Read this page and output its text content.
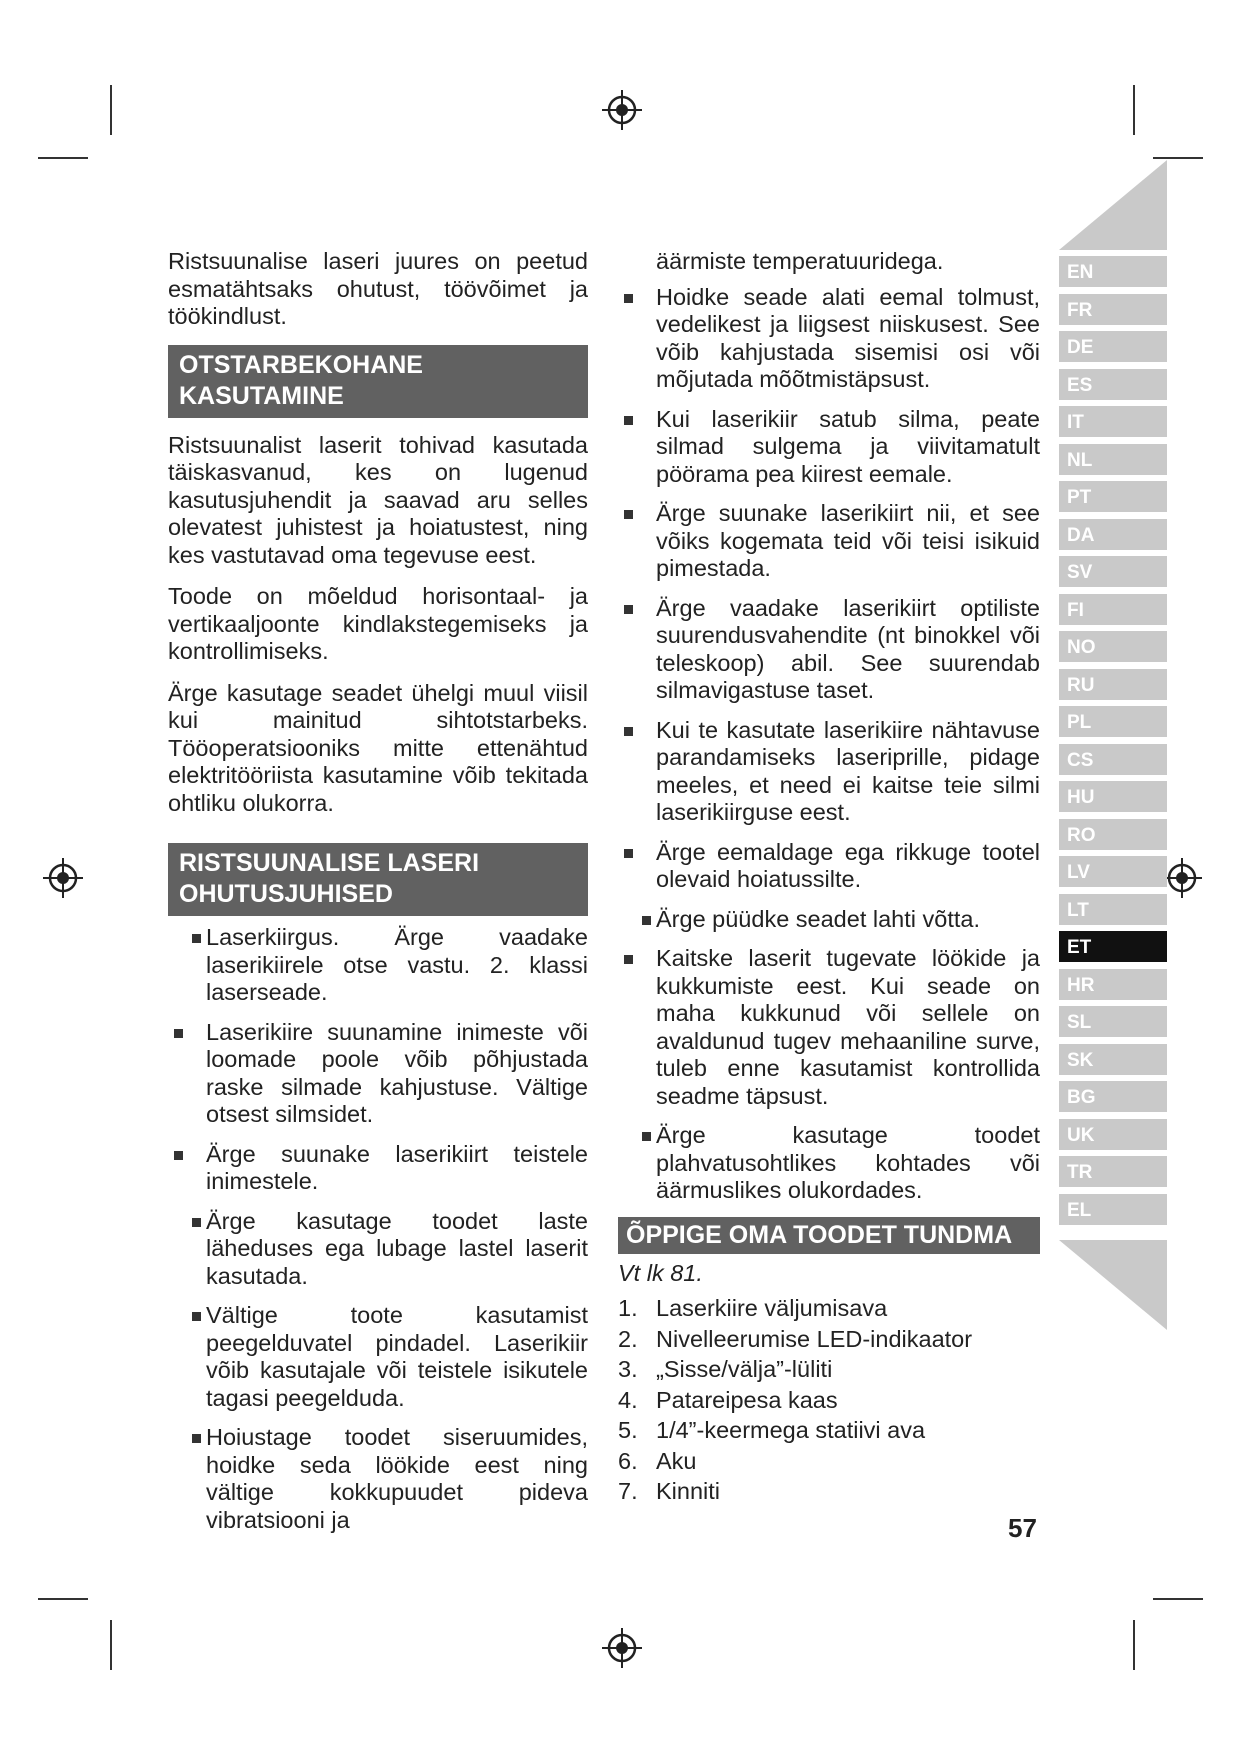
EN
FR
DE
ES
IT
NL
PT
DA
SV
FI
NO
RU
PL
CS
HU
RO
LV
LT
ET
HR
SL
SK
BG
UK
TR
EL

Ristsuunalise laseri juures on peetud esmatähtsaks ohutust, töövõimet ja töökindlust.

OTSTARBEKOHANE KASUTAMINE

Ristsuunalist laserit tohivad kasutada täiskasvanud, kes on lugenud kasutusjuhendit ja saavad aru selles olevatest juhistest ja hoiatustest, ning kes vastutavad oma tegevuse eest.

Toode on mõeldud horisontaal- ja vertikaaljoonte kindlakstegemiseks ja kontrollimiseks.

Ärge kasutage seadet ühelgi muul viisil kui mainitud sihtotstarbeks. Tööoperatsiooniks mitte ettenähtud elektritööriista kasutamine võib tekitada ohtliku olukorra.

RISTSUUNALISE LASERI OHUTUSJUHISED
Laserkiirgus. Ärge vaadake laserikiirele otse vastu. 2. klassi laserseade.
Laserikiire suunamine inimeste või loomade poole võib põhjustada raske silmade kahjustuse. Vältige otsest silmsidet.
Ärge suunake laserikiirt teistele inimestele.
Ärge kasutage toodet laste läheduses ega lubage lastel laserit kasutada.
Vältige toote kasutamist peegelduvatel pindadel. Laserikiir võib kasutajale või teistele isikutele tagasi peegelduda.
Hoiustage toodet siseruumides, hoidke seda löökide eest ning vältige kokkupuudet pideva vibratsiooni ja

äärmiste temperatuuridega.

Hoidke seade alati eemal tolmust, vedelikest ja liigsest niiskusest. See võib kahjustada sisemisi osi või mõjutada mõõtmistäpsust.
Kui laserikiir satub silma, peate silmad sulgema ja viivitamatult pöörama pea kiirest eemale.
Ärge suunake laserikiirt nii, et see võiks kogemata teid või teisi isikuid pimestada.
Ärge vaadake laserikiirt optiliste suurendusvahendite (nt binokkel või teleskoop) abil. See suurendab silmavigastuse taset.
Kui te kasutate laserikiire nähtavuse parandamiseks laseriprille, pidage meeles, et need ei kaitse teie silmi laserikiirguse eest.
Ärge eemaldage ega rikkuge tootel olevaid hoiatussilte.
Ärge püüdke seadet lahti võtta.
Kaitske laserit tugevate löökide ja kukkumiste eest. Kui seade on maha kukkunud või sellele on avaldunud tugev mehaaniline surve, tuleb enne kasutamist kontrollida seadme täpsust.
Ärge kasutage toodet plahvatusohtlikes kohtades või äärmuslikes olukordades.
ÕPPIGE OMA TOODET TUNDMA
Vt lk 81.
1. Laserkiire väljumisava
2. Nivelleerumise LED-indikaator
3. „Sisse/välja”-lüliti
4. Patareipesa kaas
5. 1/4”-keermega statiivi ava
6. Aku
7. Kinniti
57
